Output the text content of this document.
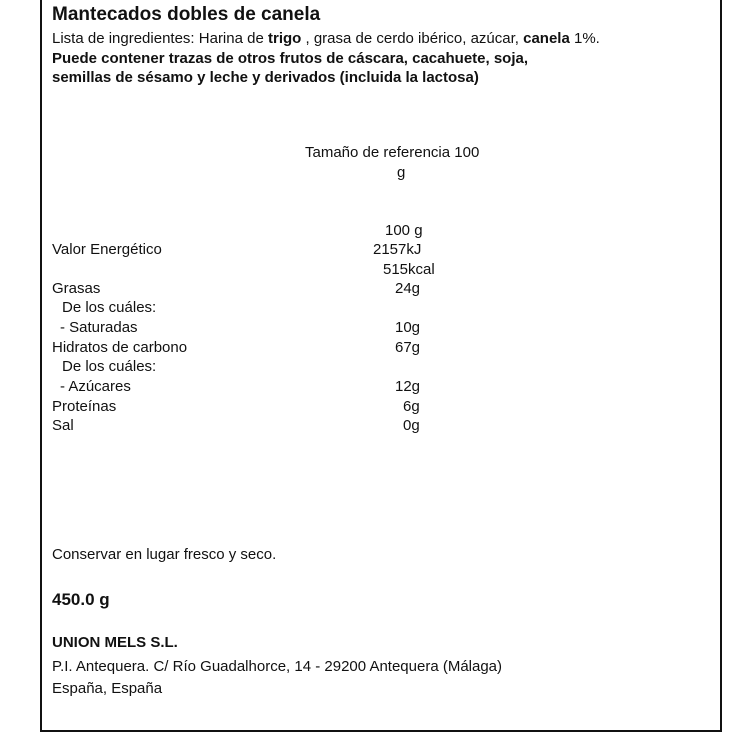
Mantecados dobles de canela
Lista de ingredientes: Harina de trigo , grasa de cerdo ibérico, azúcar, canela 1%.
Puede contener trazas de otros frutos de cáscara, cacahuete, soja,
semillas de sésamo y leche y derivados (incluida la lactosa)
Tamaño de referencia 100
g
100 g
Valor Energético	2157kJ
515kcal
Grasas	24g
De los cuáles:
- Saturadas	10g
Hidratos de carbono	67g
De los cuáles:
- Azúcares	12g
Proteínas	6g
Sal	0g
Conservar en lugar fresco y seco.
450.0 g
UNION MELS S.L.
P.I. Antequera. C/ Río Guadalhorce, 14 - 29200 Antequera (Málaga)
España, España
